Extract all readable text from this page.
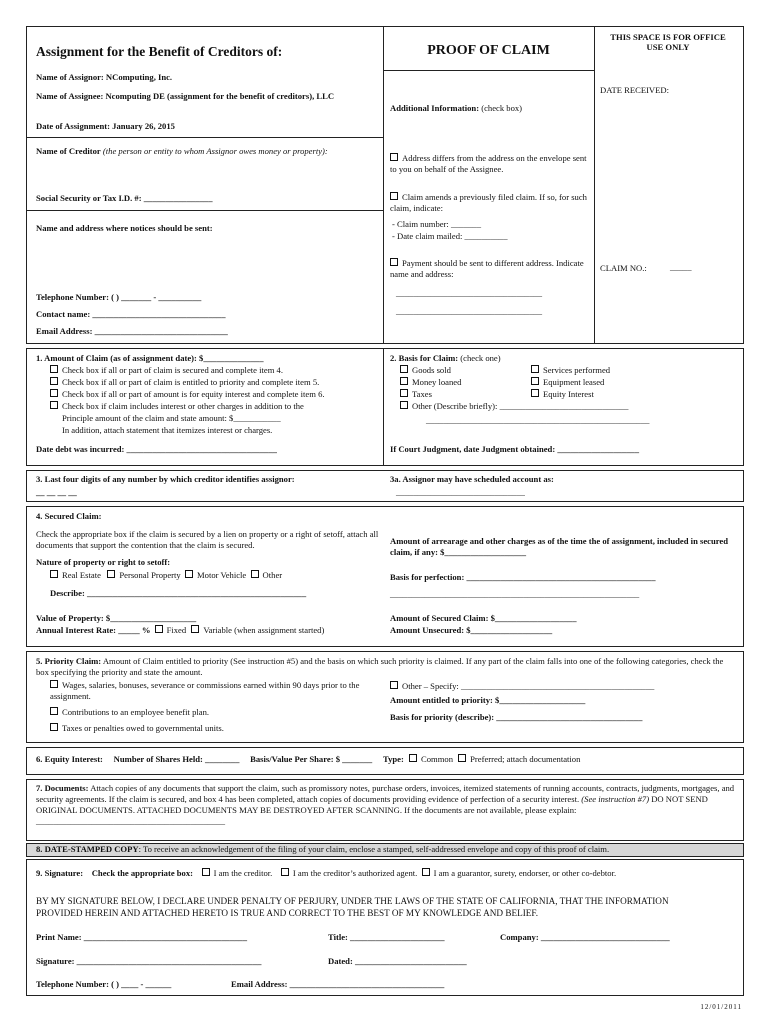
Assignment for the Benefit of Creditors of:	PROOF OF CLAIM
THIS SPACE IS FOR OFFICE USE ONLY
DATE RECEIVED:
CLAIM NO.:	_____
Name of Assignor: NComputing, Inc.
Name of Assignee: Ncomputing DE (assignment for the benefit of creditors), LLC
Date of Assignment: January 26, 2015
Name of Creditor (the person or entity to whom Assignor owes money or property):
Social Security or Tax I.D. #: ________________
Name and address where notices should be sent:
Telephone Number: ( ) _______ - __________
Contact name: _______________________________
Email Address: _______________________________
Additional Information: (check box)
Address differs from the address on the envelope sent to you on behalf of the Assignee.
Claim amends a previously filed claim. If so, for such claim, indicate:
- Claim number: _______
- Date claim mailed: __________
Payment should be sent to different address. Indicate name and address:
__________________________________
__________________________________
1. Amount of Claim (as of assignment date): $______________
Check box if all or part of claim is secured and complete item 4.
Check box if all or part of claim is entitled to priority and complete item 5.
Check box if all or part of amount is for equity interest and complete item 6.
Check box if claim includes interest or other charges in addition to the
Principle amount of the claim and state amount: $___________
In addition, attach statement that itemizes interest or charges.
Date debt was incurred: ___________________________________
2. Basis for Claim: (check one)
Goods sold
Money loaned
Taxes
Other (Describe briefly): ______________________________
____________________________________________________
Services performed
Equipment leased
Equity Interest
If Court Judgment, date Judgment obtained: ___________________
3. Last four digits of any number by which creditor identifies assignor:
__ __ __ __
3a. Assignor may have scheduled account as:
______________________________
4. Secured Claim:
Check the appropriate box if the claim is secured by a lien on property or a right of setoff, attach all documents that support the contention that the claim is secured.
Nature of property or right to setoff:
Real Estate Personal Property Motor Vehicle Other
Describe: ___________________________________________________
Value of Property: $____________________
Annual Interest Rate: _____ % Fixed Variable (when assignment started)
Amount of arrearage and other charges as of the time the of assignment, included in secured claim, if any: $___________________
Basis for perfection: ____________________________________________
__________________________________________________________
Amount of Secured Claim: $___________________
Amount Unsecured: $___________________
5. Priority Claim: Amount of Claim entitled to priority (See instruction #5) and the basis on which such priority is claimed. If any part of the claim falls into one of the following categories, check the box specifying the priority and state the amount.
Wages, salaries, bonuses, severance or commissions earned within 90 days prior to the assignment.
Contributions to an employee benefit plan.
Taxes or penalties owed to governmental units.
Other – Specify: _____________________________________________
Amount entitled to priority: $____________________
Basis for priority (describe): __________________________________
6. Equity Interest: Number of Shares Held: ________ Basis/Value Per Share: $ _______ Type: Common Preferred; attach documentation
7. Documents: Attach copies of any documents that support the claim, such as promissory notes, purchase orders, invoices, itemized statements of running accounts, contracts, judgments, mortgages, and security agreements. If the claim is secured, and box 4 has been completed, attach copies of documents providing evidence of perfection of a security interest. (See instruction #7) DO NOT SEND ORIGINAL DOCUMENTS. ATTACHED DOCUMENTS MAY BE DESTROYED AFTER SCANNING. If the documents are not available, please explain: ____________________________________________
8. DATE-STAMPED COPY: To receive an acknowledgement of the filing of your claim, enclose a stamped, self-addressed envelope and copy of this proof of claim.
9. Signature: Check the appropriate box: I am the creditor. I am the creditor’s authorized agent. I am a guarantor, surety, endorser, or other co-debtor.
BY MY SIGNATURE BELOW, I DECLARE UNDER PENALTY OF PERJURY, UNDER THE LAWS OF THE STATE OF CALIFORNIA, THAT THE INFORMATION PROVIDED HEREIN AND ATTACHED HERETO IS TRUE AND CORRECT TO THE BEST OF MY KNOWLEDGE AND BELIEF.
Print Name: ______________________________________	Title: ______________________	Company: ______________________________
Signature: ___________________________________________	Dated: __________________________
Telephone Number: ( ) ____ - ______	Email Address: ____________________________________
12/01/2011
